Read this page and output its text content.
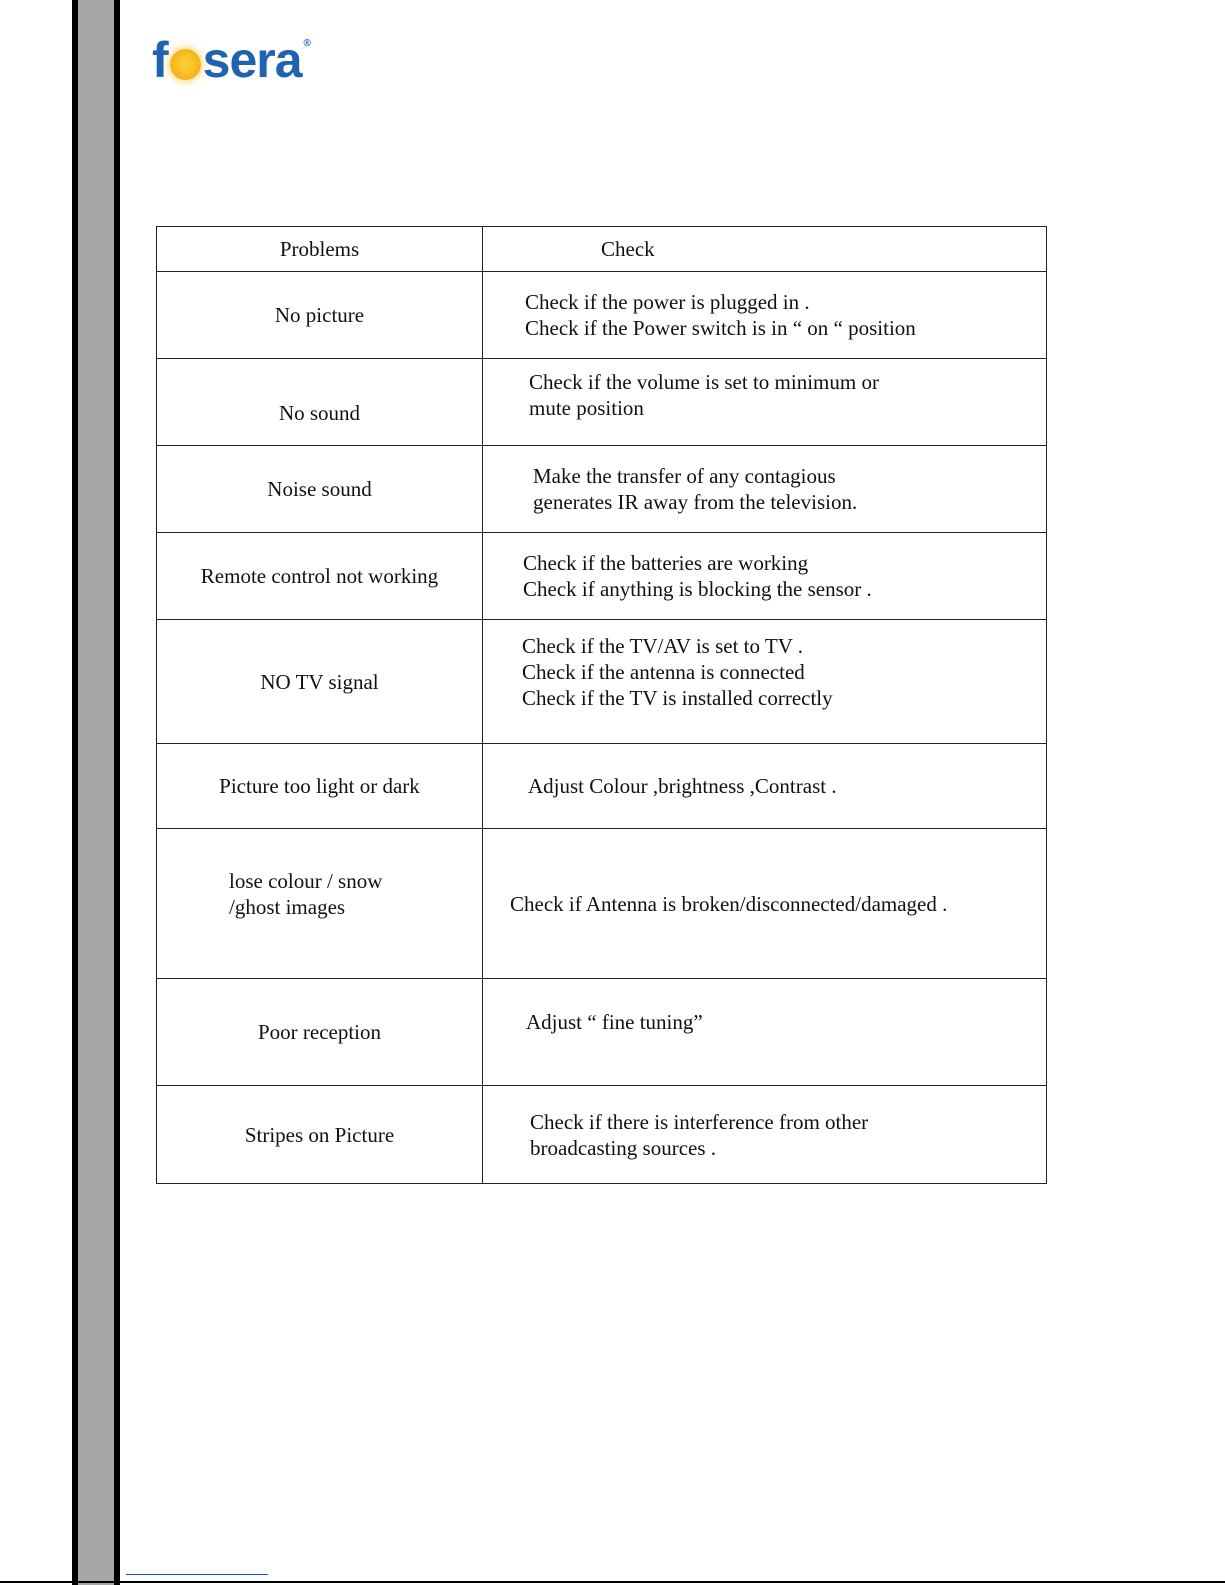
f sera ®
Problems	Check

No picture	Check if the power is plugged in .
Check if the Power switch is in “ on “ position

No sound	Check if the volume is set to minimum or
mute position

Noise sound	Make the transfer of any contagious
generates IR away from the television.

Remote control not working	Check if the batteries are working
Check if anything is blocking the sensor .

NO TV signal	Check if the TV/AV is set to TV .
Check if the antenna is connected
Check if the TV is installed correctly

Picture too light or dark	Adjust Colour ,brightness ,Contrast .

lose colour / snow
/ghost images	Check if Antenna is broken/disconnected/damaged .

Poor reception	Adjust “ fine tuning”

Stripes on Picture	Check if there is interference from other
broadcasting sources .
